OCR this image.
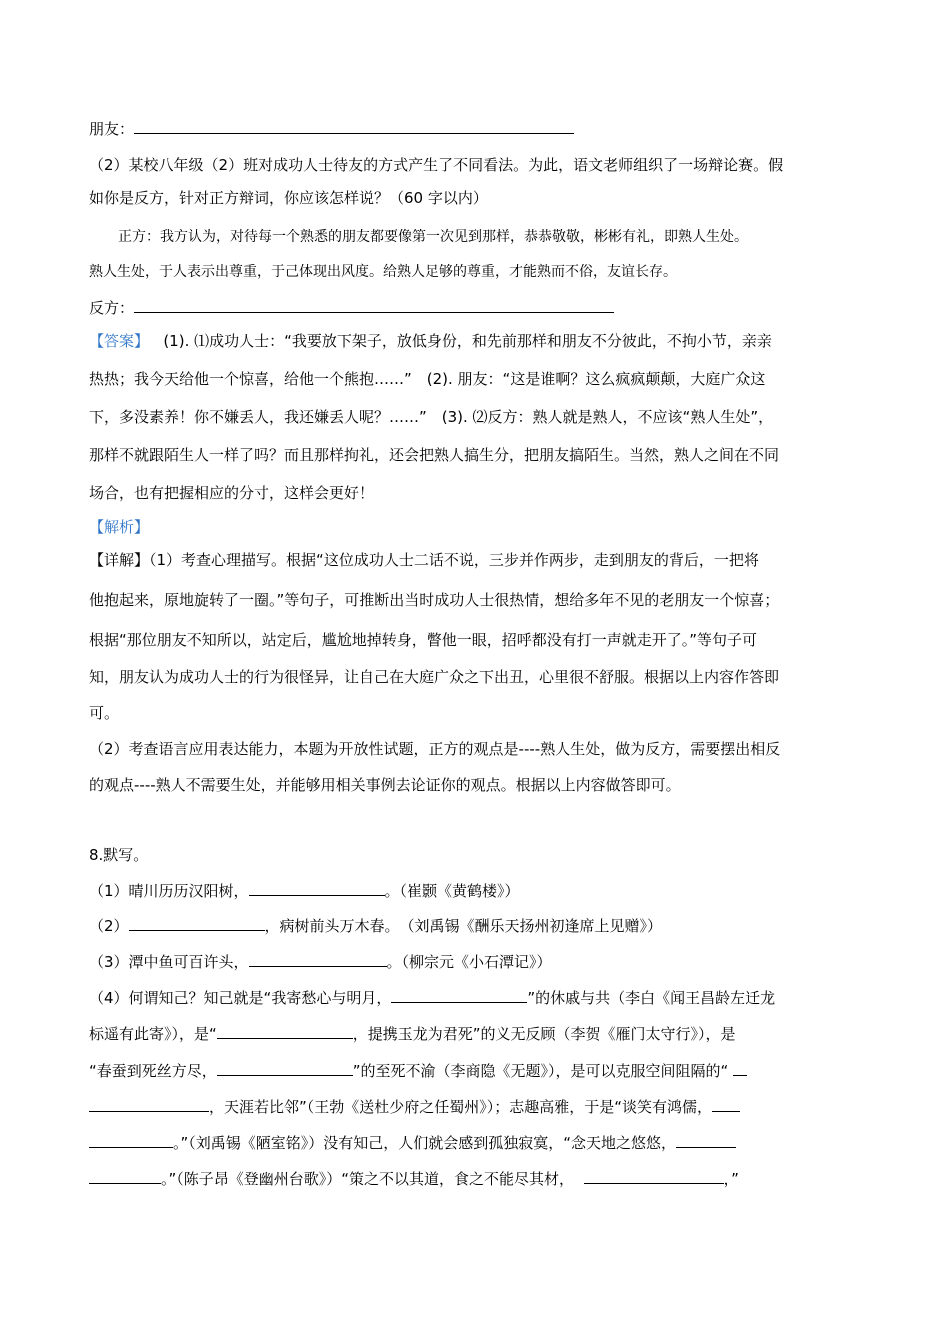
朋友：
（2）某校八年级（2）班对成功人士待友的方式产生了不同看法。为此，语文老师组织了一场辩论赛。假
如你是反方，针对正方辩词，你应该怎样说？（60 字以内）
正方：我方认为，对待每一个熟悉的朋友都要像第一次见到那样，恭恭敬敬，彬彬有礼，即熟人生处。
熟人生处，于人表示出尊重，于己体现出风度。给熟人足够的尊重，才能熟而不俗，友谊长存。
反方：
【答案】 (1). ⑴成功人士：“我要放下架子，放低身份，和先前那样和朋友不分彼此，不拘小节，亲亲
热热；我今天给他一个惊喜，给他一个熊抱……”　(2). 朋友：“这是谁啊？这么疯疯颠颠，大庭广众这
下，多没素养！你不嫌丢人，我还嫌丢人呢？……”　(3). ⑵反方：熟人就是熟人，不应该“熟人生处”，
那样不就跟陌生人一样了吗？而且那样拘礼，还会把熟人搞生分，把朋友搞陌生。当然，熟人之间在不同
场合，也有把握相应的分寸，这样会更好！
【解析】
【详解】（1）考查心理描写。根据“这位成功人士二话不说，三步并作两步，走到朋友的背后，一把将
他抱起来，原地旋转了一圈。”等句子，可推断出当时成功人士很热情，想给多年不见的老朋友一个惊喜；
根据“那位朋友不知所以，站定后，尴尬地掉转身，瞥他一眼，招呼都没有打一声就走开了。”等句子可
知，朋友认为成功人士的行为很怪异，让自己在大庭广众之下出丑，心里很不舒服。根据以上内容作答即
可。
（2）考查语言应用表达能力，本题为开放性试题，正方的观点是----熟人生处，做为反方，需要摆出相反
的观点----熟人不需要生处，并能够用相关事例去论证你的观点。根据以上内容做答即可。
8.默写。
（1）晴川历历汉阳树，	。（崔颢《黄鹤楼》）
（2）	，病树前头万木春。　（刘禹锡《酬乐天扬州初逢席上见赠》）
（3）潭中鱼可百许头，	。（柳宗元《小石潭记》）
（4）何谓知己？知己就是“我寄愁心与明月，	”的休戚与共（李白《闻王昌龄左迁龙
标遥有此寄》），是“	，提携玉龙为君死”的义无反顾（李贺《雁门太守行》），是
“春蚕到死丝方尽，	”的至死不渝（李商隐《无题》），是可以克服空间阻隔的“
，天涯若比邻”（王勃《送杜少府之任蜀州》）；志趣高雅，于是“谈笑有鸿儒，
。”（刘禹锡《陋室铭》）没有知己，人们就会感到孤独寂寞，“念天地之悠悠，
。”（陈子昂《登幽州台歌》）“策之不以其道，食之不能尽其材，	，”
